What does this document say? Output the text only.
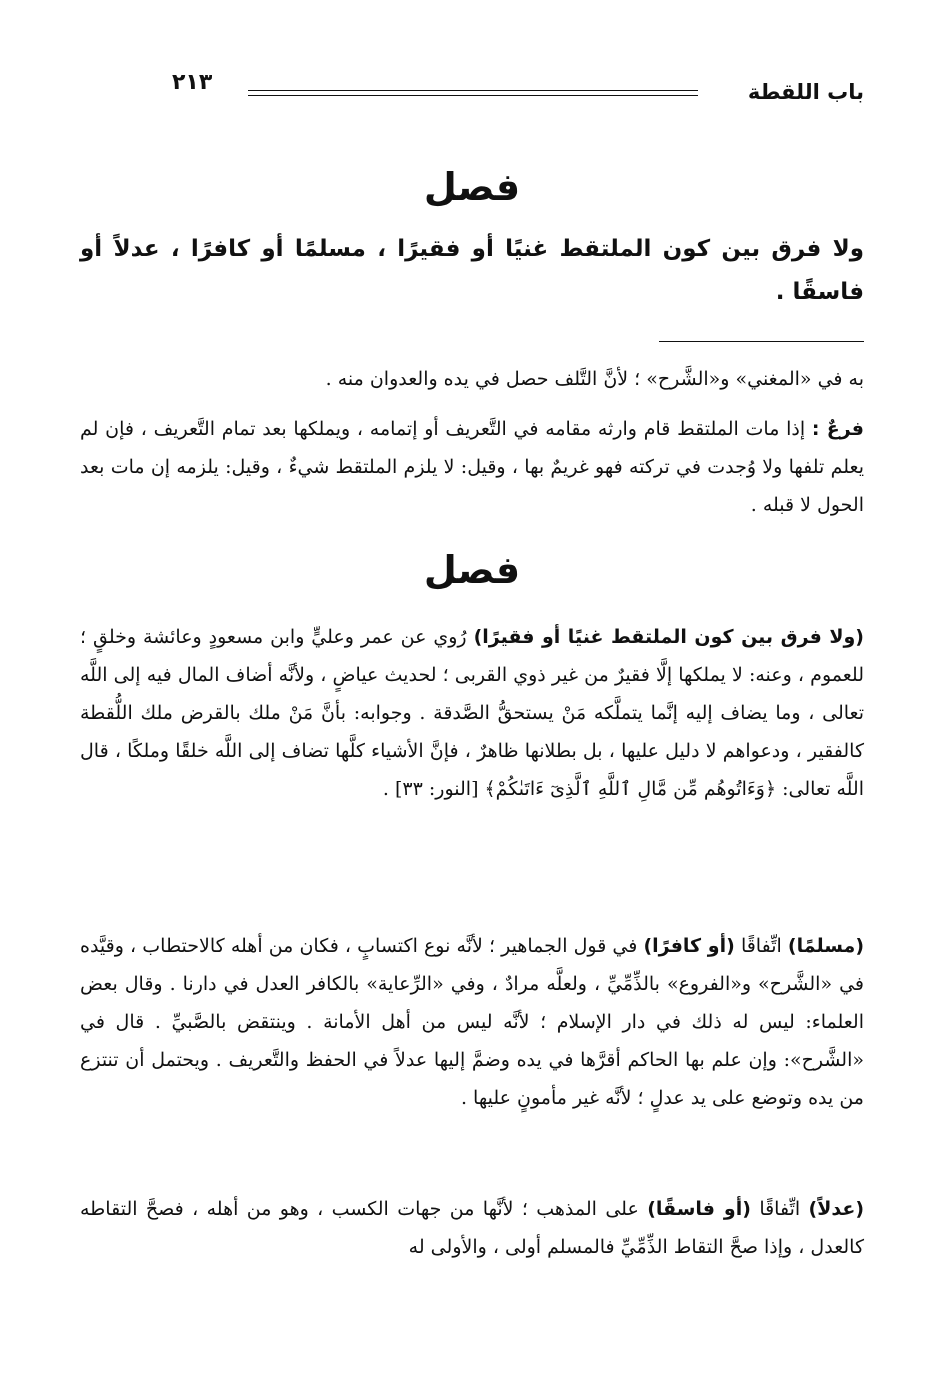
باب اللقطة
٢١٣
فصل

ولا فرق بين كون الملتقط غنيًا أو فقيرًا ، مسلمًا أو كافرًا ، عدلاً أو فاسقًا .

به في «المغني» و«الشَّرح» ؛ لأنَّ التَّلف حصل في يده والعدوان منه .

فرعٌ : إذا مات الملتقط قام وارثه مقامه في التَّعريف أو إتمامه ، ويملكها بعد تمام التَّعريف ، فإن لم يعلم تلفها ولا وُجدت في تركته فهو غريمٌ بها ، وقيل: لا يلزم الملتقط شيءٌ ، وقيل: يلزمه إن مات بعد الحول لا قبله .

فصل

(ولا فرق بين كون الملتقط غنيًا أو فقيرًا) رُوي عن عمر وعليٍّ وابن مسعودٍ وعائشة وخلقٍ ؛ للعموم ، وعنه: لا يملكها إلَّا فقيرٌ من غير ذوي القربى ؛ لحديث عياضٍ ، ولأنَّه أضاف المال فيه إلى اللَّه تعالى ، وما يضاف إليه إنَّما يتملَّكه مَنْ يستحقُّ الصَّدقة . وجوابه: بأنَّ مَنْ ملك بالقرض ملك اللُّقطة كالفقير ، ودعواهم لا دليل عليها ، بل بطلانها ظاهرٌ ، فإنَّ الأشياء كلَّها تضاف إلى اللَّه خلقًا وملكًا ، قال اللَّه تعالى: ﴿وَءَاتُوهُم مِّن مَّالِ ٱللَّهِ ٱلَّذِىٓ ءَاتَىٰكُمْ﴾ [النور: ٣٣] .

(مسلمًا) اتِّفاقًا (أو كافرًا) في قول الجماهير ؛ لأنَّه نوع اكتسابٍ ، فكان من أهله كالاحتطاب ، وقيَّده في «الشَّرح» و«الفروع» بالذِّمِّيِّ ، ولعلَّه مرادٌ ، وفي «الرِّعاية» بالكافر العدل في دارنا . وقال بعض العلماء: ليس له ذلك في دار الإسلام ؛ لأنَّه ليس من أهل الأمانة . وينتقض بالصَّبيِّ . قال في «الشَّرح»: وإن علم بها الحاكم أقرَّها في يده وضمَّ إليها عدلاً في الحفظ والتَّعريف . ويحتمل أن تنتزع من يده وتوضع على يد عدلٍ ؛ لأنَّه غير مأمونٍ عليها .

(عدلاً) اتِّفاقًا (أو فاسقًا) على المذهب ؛ لأنَّها من جهات الكسب ، وهو من أهله ، فصحَّ التقاطه كالعدل ، وإذا صحَّ التقاط الذِّمِّيِّ فالمسلم أولى ، والأولى له
